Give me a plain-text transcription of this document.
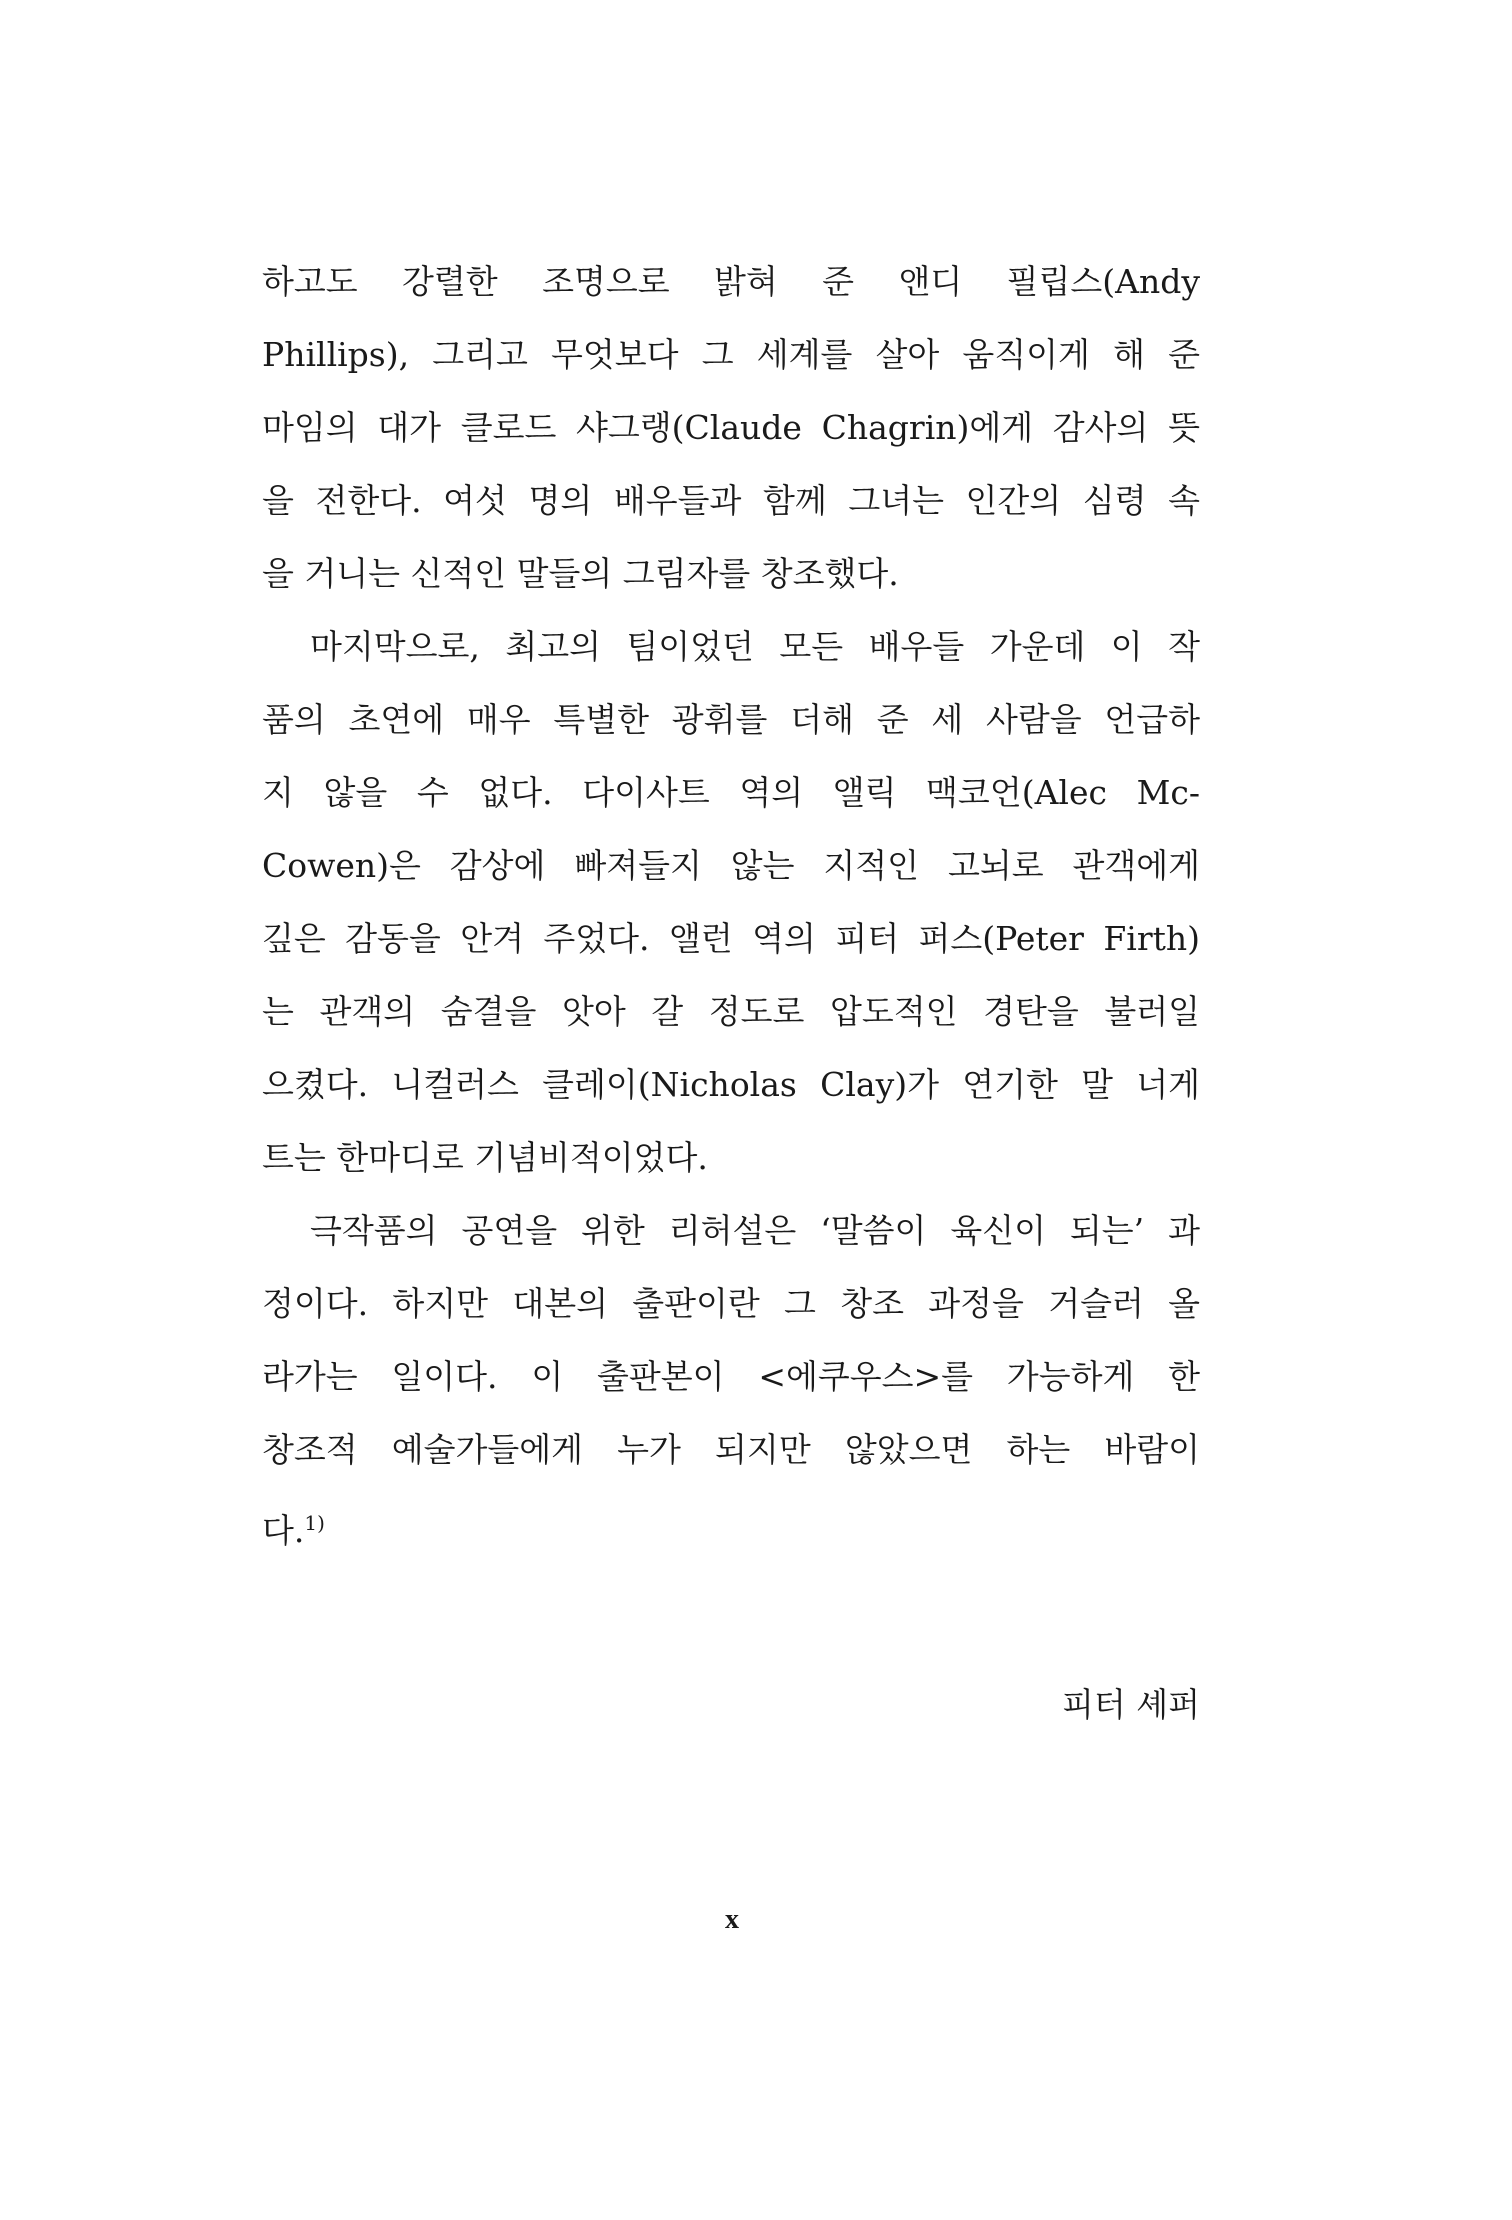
하고도 강렬한 조명으로 밝혀 준 앤디 필립스(Andy
Phillips), 그리고 무엇보다 그 세계를 살아 움직이게 해 준
마임의 대가 클로드 샤그랭(Claude Chagrin)에게 감사의 뜻
을 전한다. 여섯 명의 배우들과 함께 그녀는 인간의 심령 속
을 거니는 신적인 말들의 그림자를 창조했다.
마지막으로, 최고의 팀이었던 모든 배우들 가운데 이 작
품의 초연에 매우 특별한 광휘를 더해 준 세 사람을 언급하
지 않을 수 없다. 다이사트 역의 앨릭 맥코언(Alec Mc-
Cowen)은 감상에 빠져들지 않는 지적인 고뇌로 관객에게
깊은 감동을 안겨 주었다. 앨런 역의 피터 퍼스(Peter Firth)
는 관객의 숨결을 앗아 갈 정도로 압도적인 경탄을 불러일
으켰다. 니컬러스 클레이(Nicholas Clay)가 연기한 말 너게
트는 한마디로 기념비적이었다.
극작품의 공연을 위한 리허설은 ‘말씀이 육신이 되는’ 과
정이다. 하지만 대본의 출판이란 그 창조 과정을 거슬러 올
라가는 일이다. 이 출판본이 <에쿠우스>를 가능하게 한
창조적 예술가들에게 누가 되지만 않았으면 하는 바람이
다.$^{1)}$
피터 셰퍼
x
